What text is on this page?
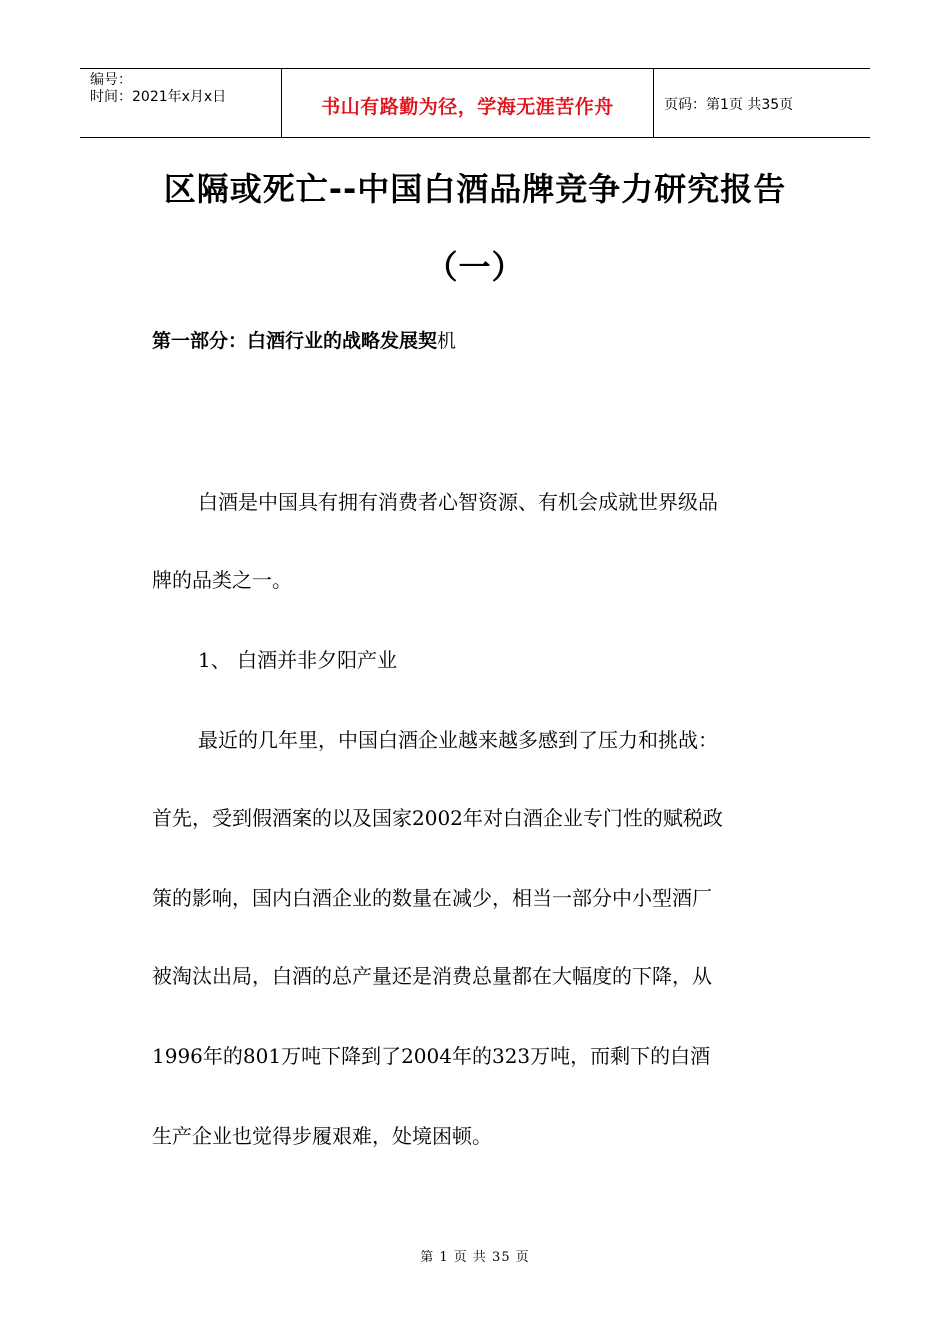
编号：
时间：2021年x月x日	书山有路勤为径，学海无涯苦作舟	页码：第1页 共35页
区隔或死亡--中国白酒品牌竞争力研究报告
（一）
第一部分：白酒行业的战略发展契机
白酒是中国具有拥有消费者心智资源、有机会成就世界级品
牌的品类之一。
1、 白酒并非夕阳产业
最近的几年里，中国白酒企业越来越多感到了压力和挑战：
首先，受到假酒案的以及国家2002年对白酒企业专门性的赋税政
策的影响，国内白酒企业的数量在减少，相当一部分中小型酒厂
被淘汰出局，白酒的总产量还是消费总量都在大幅度的下降，从
1996年的801万吨下降到了2004年的323万吨，而剩下的白酒
生产企业也觉得步履艰难，处境困顿。
第 1 页 共 35 页
